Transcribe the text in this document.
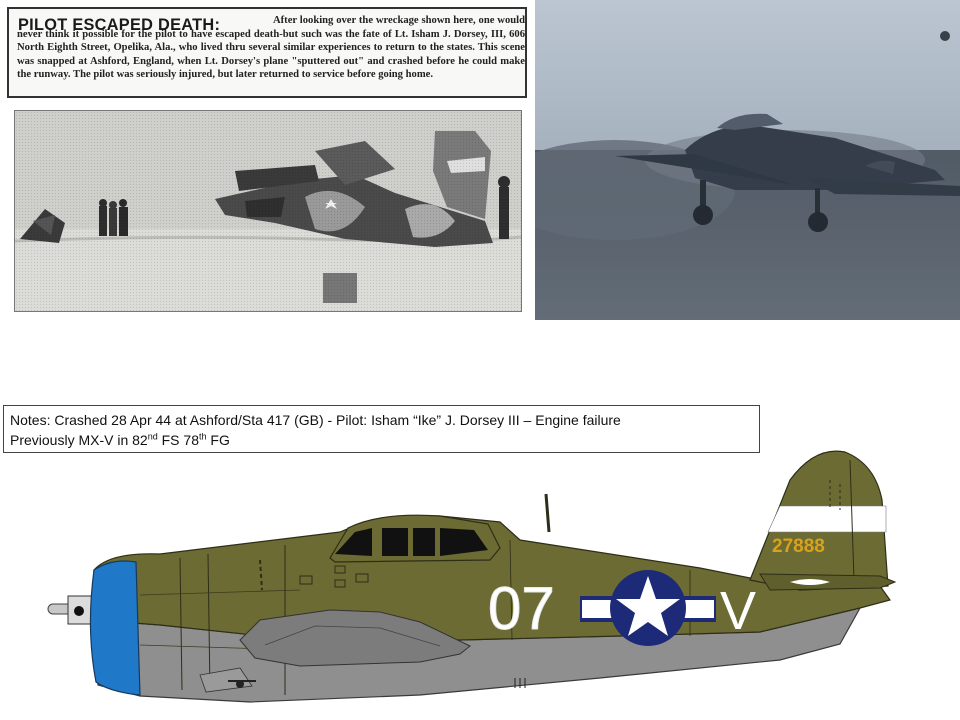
After looking over the wreckage shown here, one would never think it possible for the pilot to have escaped death-but such was the fate of Lt. Isham J. Dorsey, III, 606 North Eighth Street, Opelika, Ala., who lived thru several similar experiences to return to the states. This scene was snapped at Ashford, England, when Lt. Dorsey's plane "sputtered out" and crashed before he could make the runway. The pilot was seriously injured, but later returned to service before going home.
PILOT ESCAPED DEATH:
Notes: Crashed 28 Apr 44 at Ashford/Sta 417 (GB) - Pilot: Isham “Ike” J. Dorsey III – Engine failure
Previously MX-V in 82nd FS 78th FG
07	V
27888
